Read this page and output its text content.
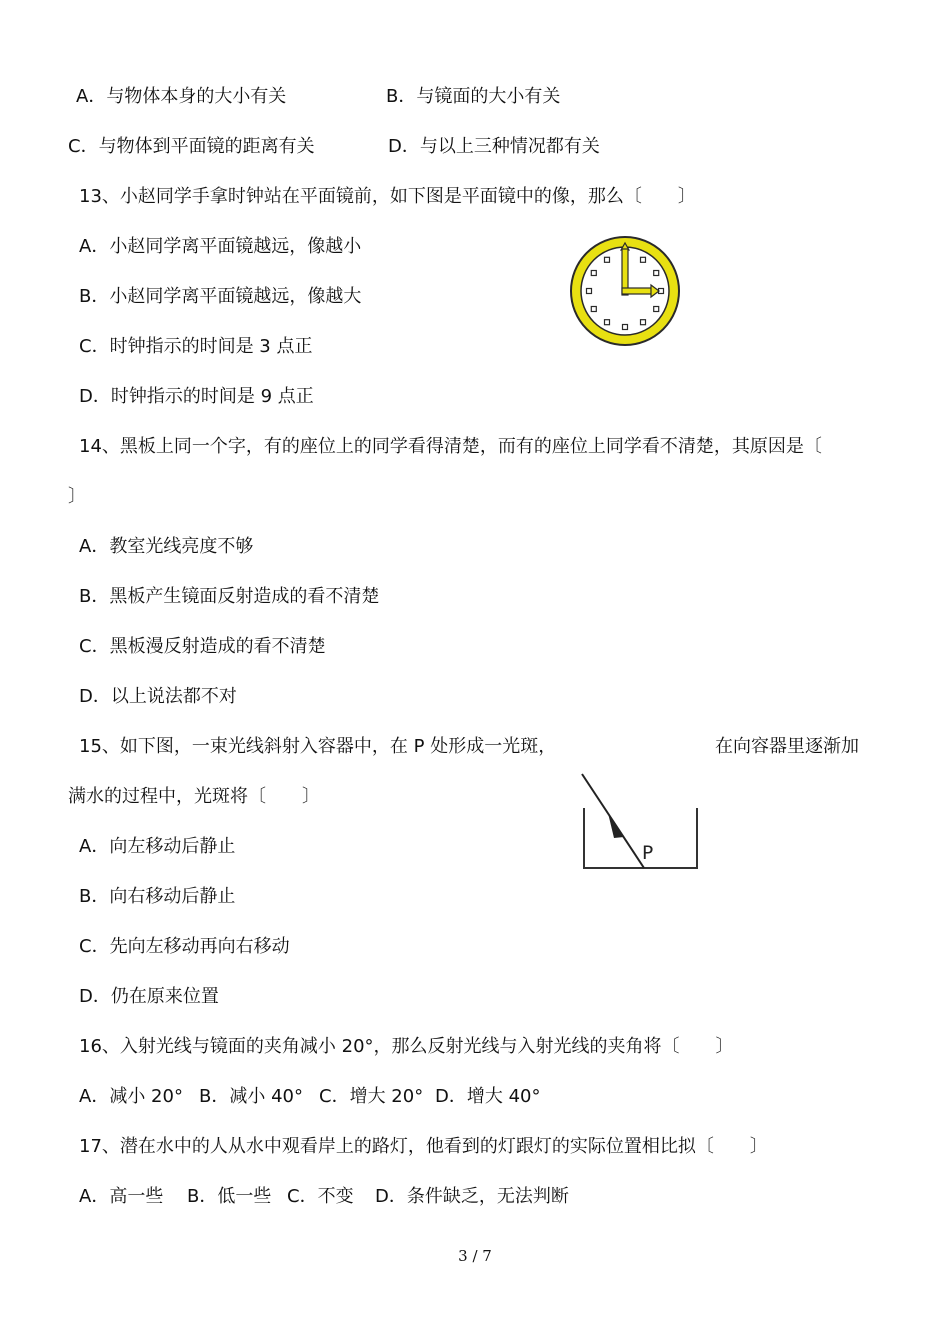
A．与物体本身的大小有关	B．与镜面的大小有关
C．与物体到平面镜的距离有关	D．与以上三种情况都有关
13、小赵同学手拿时钟站在平面镜前，如下图是平面镜中的像，那么〔　　〕
A．小赵同学离平面镜越远，像越小
B．小赵同学离平面镜越远，像越大
C．时钟指示的时间是 3 点正
D．时钟指示的时间是 9 点正
14、黑板上同一个字，有的座位上的同学看得清楚，而有的座位上同学看不清楚，其原因是〔
〕
A．教室光线亮度不够
B．黑板产生镜面反射造成的看不清楚
C．黑板漫反射造成的看不清楚
D．以上说法都不对
15、如下图，一束光线斜射入容器中，在 P 处形成一光斑，	在向容器里逐渐加
满水的过程中，光斑将〔　　〕
A．向左移动后静止
B．向右移动后静止
C．先向左移动再向右移动
D．仍在原来位置
P
16、入射光线与镜面的夹角减小 20°，那么反射光线与入射光线的夹角将〔　　〕
A．减小 20° B．减小 40° C．增大 20° D．增大 40°
17、潜在水中的人从水中观看岸上的路灯，他看到的灯跟灯的实际位置相比拟〔　　〕
A．高一些 B．低一些 C．不变 D．条件缺乏，无法判断
3 / 7
